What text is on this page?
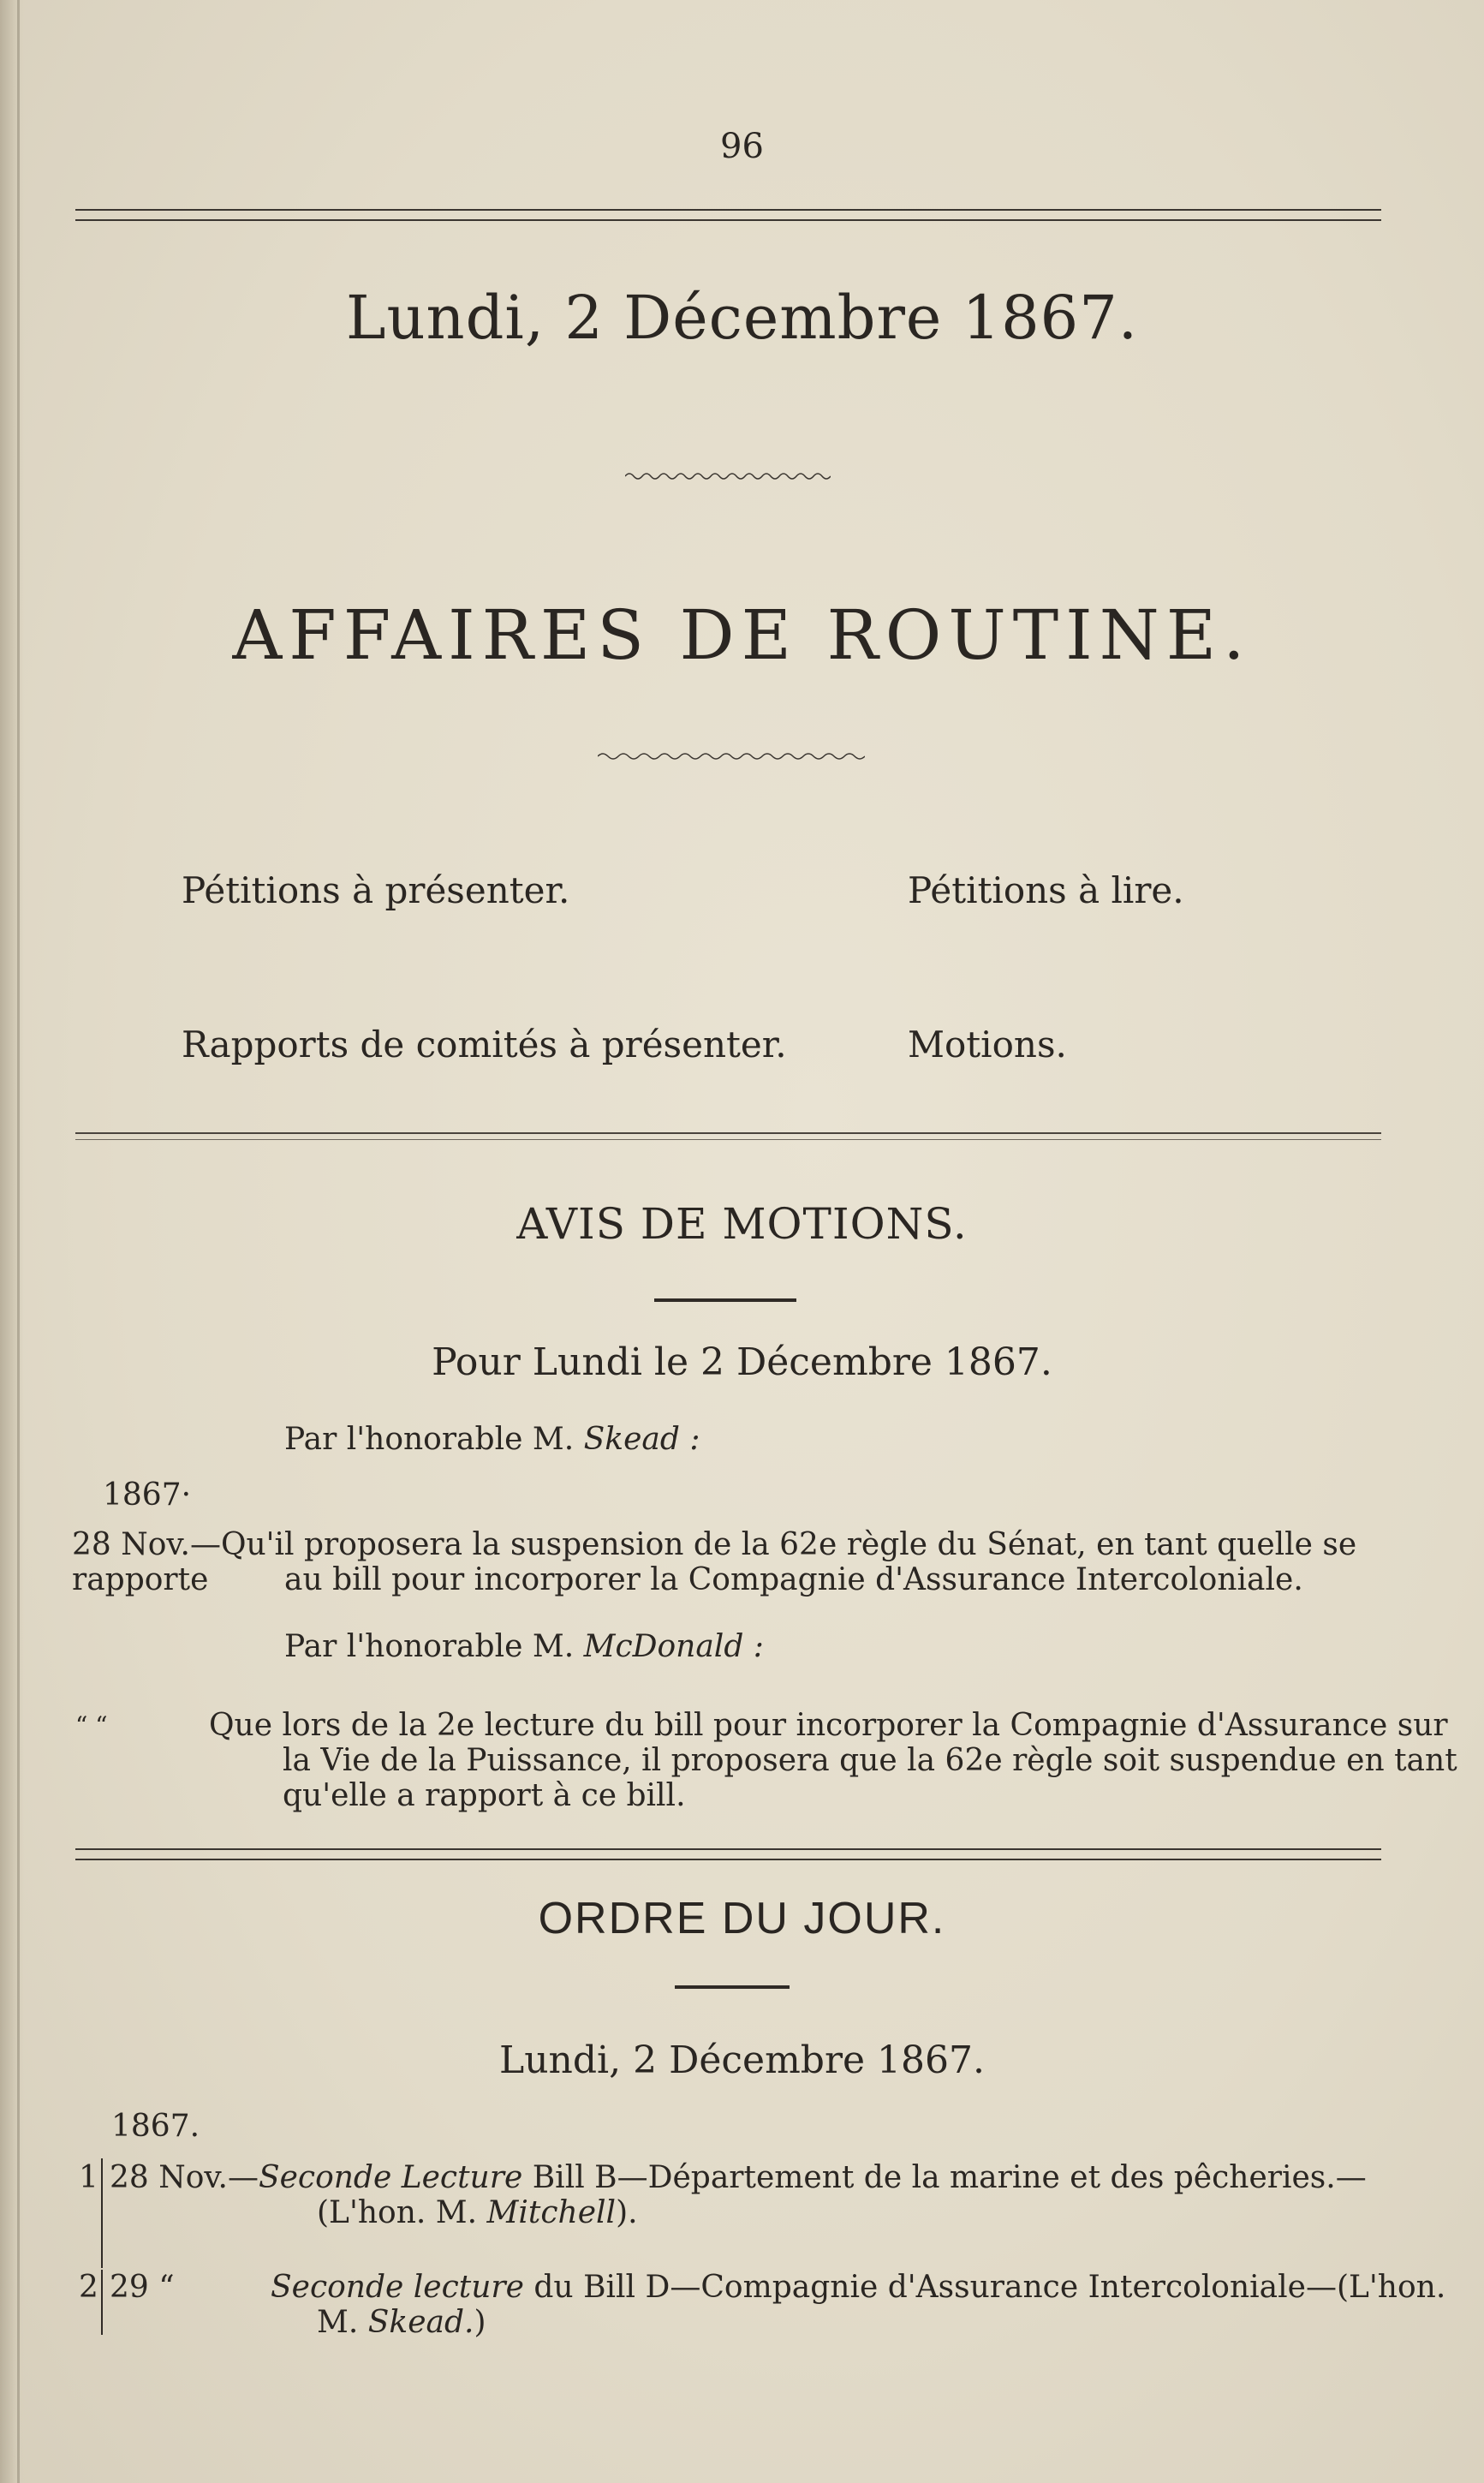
96
Lundi, 2 Décembre 1867.
AFFAIRES DE ROUTINE.
Pétitions à présenter.	Pétitions à lire.
Rapports de comités à présenter.	Motions.
AVIS DE MOTIONS.
Pour Lundi le 2 Décembre 1867.
Par l'honorable M. Skead :
1867·
28 Nov.—Qu'il proposera la suspension de la 62e règle du Sénat, en tant quelle se rapporte	au bill pour incorporer la Compagnie d'Assurance Intercoloniale.
Par l'honorable M. McDonald :
“ “	Que lors de la 2e lecture du bill pour incorporer la Compagnie d'Assurance sur
la Vie de la Puissance, il proposera que la 62e règle soit suspendue en tant
qu'elle a rapport à ce bill.
ORDRE DU JOUR.
Lundi, 2 Décembre 1867.
1867.
1 28 Nov.—Seconde Lecture Bill B—Département de la marine et des pêcheries.—
(L'hon. M. Mitchell).
2 29 “	Seconde lecture du Bill D—Compagnie d'Assurance Intercoloniale—(L'hon.
M. Skead.)
